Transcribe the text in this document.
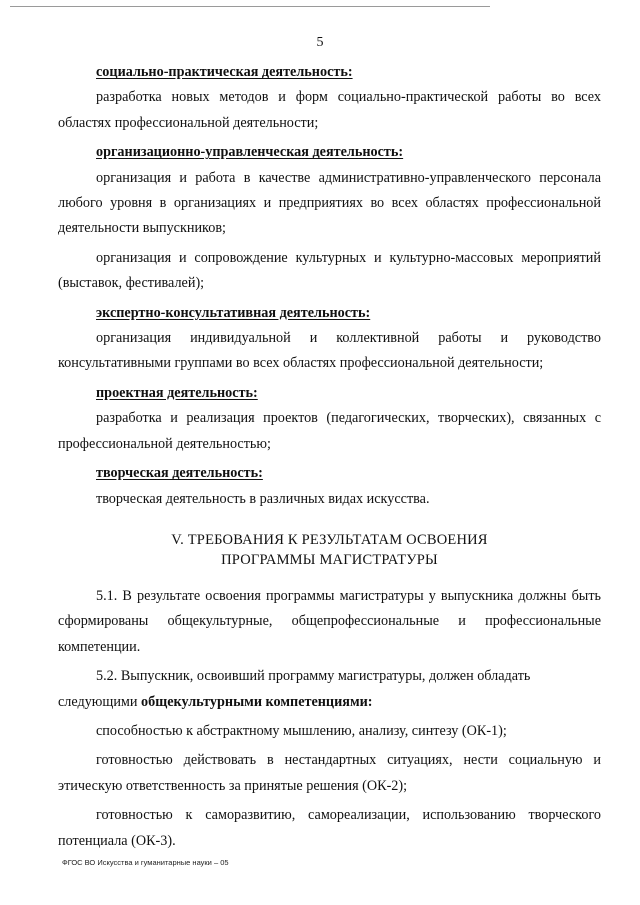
5

социально-практическая деятельность:

разработка новых методов и форм социально-практической работы во всех областях профессиональной деятельности;

организационно-управленческая деятельность:

организация и работа в качестве административно-управленческого персонала любого уровня в организациях и предприятиях во всех областях профессиональной деятельности выпускников;

организация и сопровождение культурных и культурно-массовых мероприятий (выставок, фестивалей);

экспертно-консультативная деятельность:

организация индивидуальной и коллективной работы и руководство консультативными группами во всех областях профессиональной деятельности;

проектная деятельность:

разработка и реализация проектов (педагогических, творческих), связанных с профессиональной деятельностью;

творческая деятельность:

творческая деятельность в различных видах искусства.

V. ТРЕБОВАНИЯ К РЕЗУЛЬТАТАМ ОСВОЕНИЯ
ПРОГРАММЫ МАГИСТРАТУРЫ

5.1. В результате освоения программы магистратуры у выпускника должны быть сформированы общекультурные, общепрофессиональные и профессиональные компетенции.

5.2. Выпускник, освоивший программу магистратуры, должен обладать

следующими общекультурными компетенциями:

способностью к абстрактному мышлению, анализу, синтезу (ОК-1);

готовностью действовать в нестандартных ситуациях, нести социальную и этическую ответственность за принятые решения (ОК-2);

готовностью к саморазвитию, самореализации, использованию творческого потенциала (ОК-3).

ФГОС ВО Искусства и гуманитарные науки – 05
